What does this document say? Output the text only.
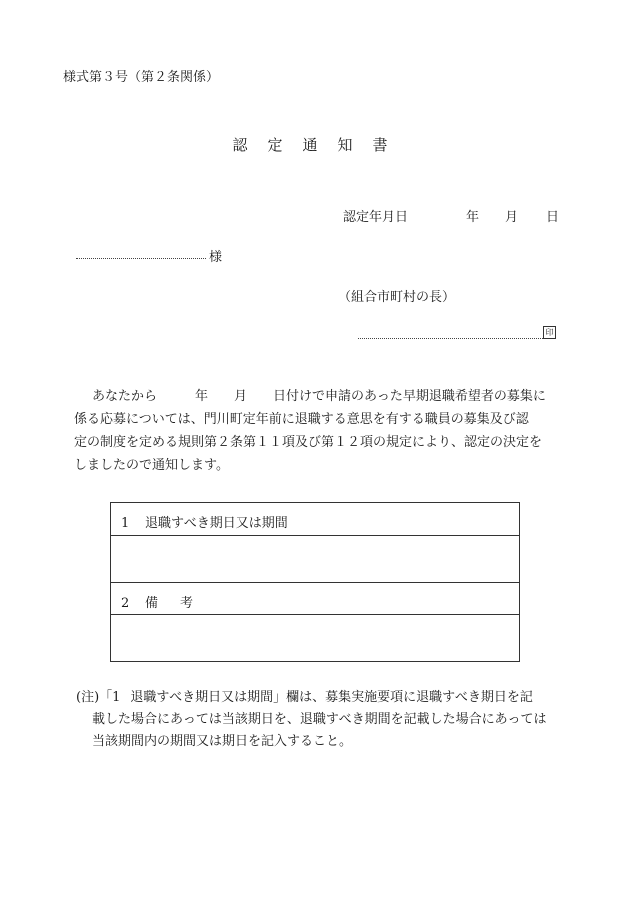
様式第３号（第２条関係）
認定通知書
認定年月日	年 月 日
様
（組合市町村の長）
印
あなたから	年 月 日付けで申請のあった早期退職希望者の募集に
係る応募については、門川町定年前に退職する意思を有する職員の募集及び認
定の制度を定める規則第２条第１１項及び第１２項の規定により、認定の決定を
しましたので通知します。
1 退職すべき期日又は期間
2 備 考
(注)「1 退職すべき期日又は期間」欄は、募集実施要項に退職すべき期日を記
載した場合にあっては当該期日を、退職すべき期間を記載した場合にあっては
当該期間内の期間又は期日を記入すること。
